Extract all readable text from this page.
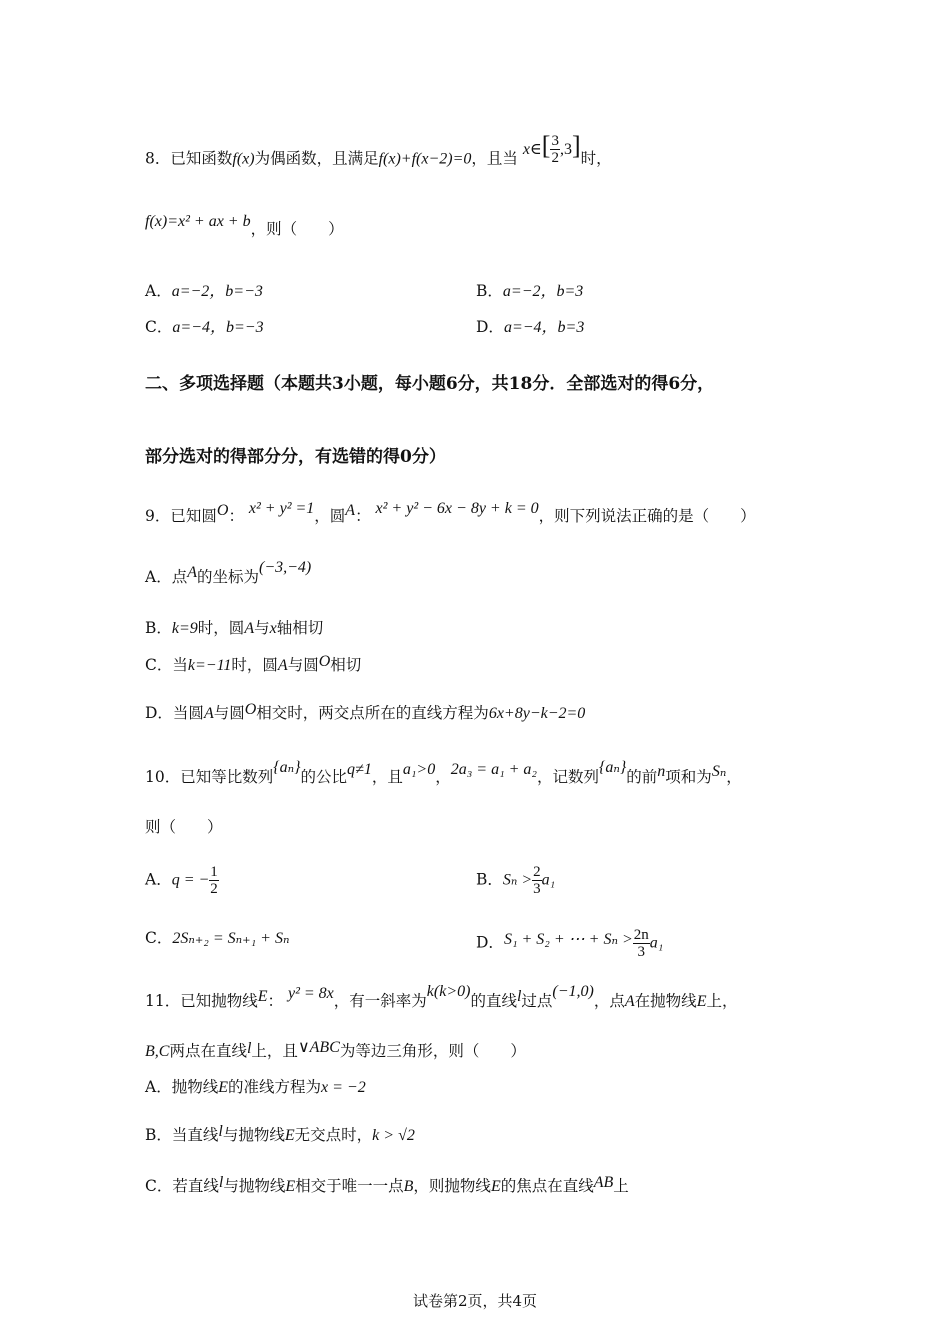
8．已知函数f(x)为偶函数，且满足f(x)+f(x−2)=0，且当 x∈[ $\frac{3}{2} ,3$]时，
f(x)=x² + ax + b，则（　　）
A．a=−2，b=−3	B．a=−2，b=3
C．a=−4，b=−3	D．a=−4，b=3
二、多项选择题（本题共3小题，每小题6分，共18分．全部选对的得6分，
部分选对的得部分分，有选错的得0分）
9．已知圆O： x² + y² =1，圆A： x² + y² − 6x − 8y + k = 0，则下列说法正确的是（　　）
A．点A的坐标为(−3,−4)
B．k=9时，圆A与x轴相切
C．当k=−11时，圆A与圆O相切
D．当圆A与圆O相交时，两交点所在的直线方程为6x+8y−k−2=0
10．已知等比数列{aₙ}的公比q≠1，且a₁>0，2a₃ = a₁ + a₂，记数列{aₙ}的前n项和为Sₙ，
则（　　）
A．q = − $\frac{1}{2}$	B．$S_n > \frac{2}{3} a_1$
C．2Sₙ₊₂ = Sₙ₊₁ + Sₙ	D．S₁ + S₂ + ⋯ + $S_n > \frac{2n}{3} a_1$
11．已知抛物线E： y² = 8x，有一斜率为k(k>0)的直线l过点(−1,0)，点A在抛物线E上，
B,C两点在直线l上，且∨ABC为等边三角形，则（　　）
A．抛物线E的准线方程为x = −2
B．当直线l与抛物线E无交点时，k > √2
C．若直线l与抛物线E相交于唯一一点B，则抛物线E的焦点在直线AB上
试卷第2页，共4页
